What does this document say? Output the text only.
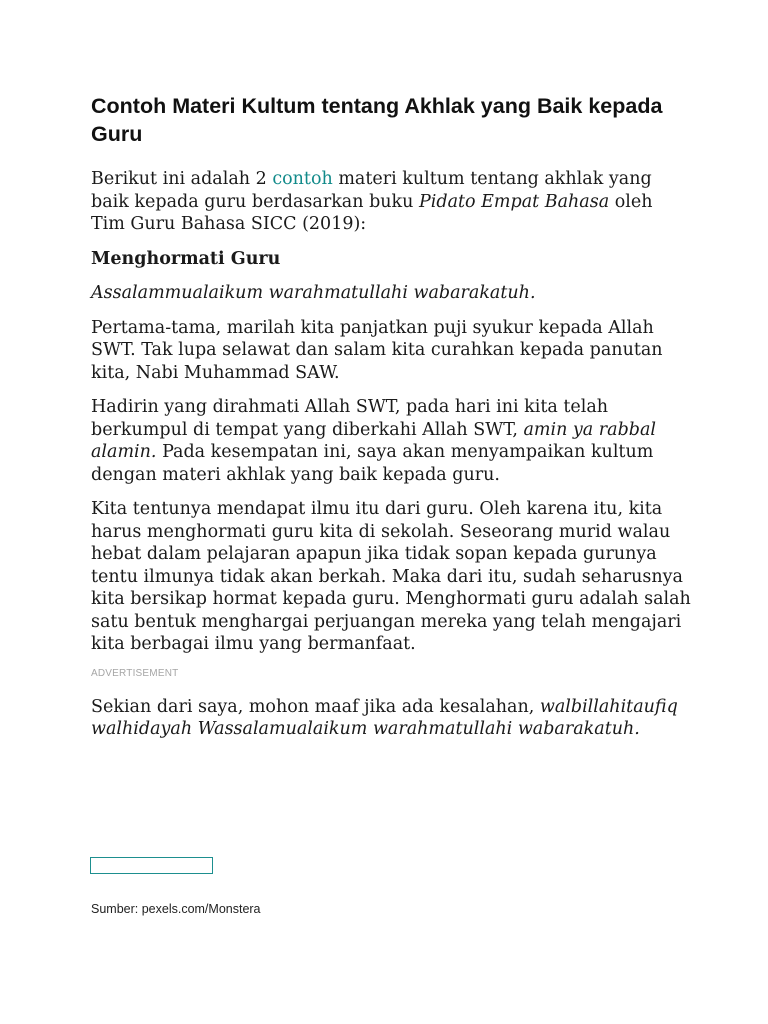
Contoh Materi Kultum tentang Akhlak yang Baik kepada Guru

Berikut ini adalah 2 contoh materi kultum tentang akhlak yang baik kepada guru berdasarkan buku Pidato Empat Bahasa oleh Tim Guru Bahasa SICC (2019):

Menghormati Guru

Assalammualaikum warahmatullahi wabarakatuh.

Pertama-tama, marilah kita panjatkan puji syukur kepada Allah SWT. Tak lupa selawat dan salam kita curahkan kepada panutan kita, Nabi Muhammad SAW.

Hadirin yang dirahmati Allah SWT, pada hari ini kita telah berkumpul di tempat yang diberkahi Allah SWT, amin ya rabbal alamin. Pada kesempatan ini, saya akan menyampaikan kultum dengan materi akhlak yang baik kepada guru.

Kita tentunya mendapat ilmu itu dari guru. Oleh karena itu, kita harus menghormati guru kita di sekolah. Seseorang murid walau hebat dalam pelajaran apapun jika tidak sopan kepada gurunya tentu ilmunya tidak akan berkah. Maka dari itu, sudah seharusnya kita bersikap hormat kepada guru. Menghormati guru adalah salah satu bentuk menghargai perjuangan mereka yang telah mengajari kita berbagai ilmu yang bermanfaat.

ADVERTISEMENT

Sekian dari saya, mohon maaf jika ada kesalahan, walbillahitaufiq walhidayah Wassalamualaikum warahmatullahi wabarakatuh.

Sumber: pexels.com/Monstera
